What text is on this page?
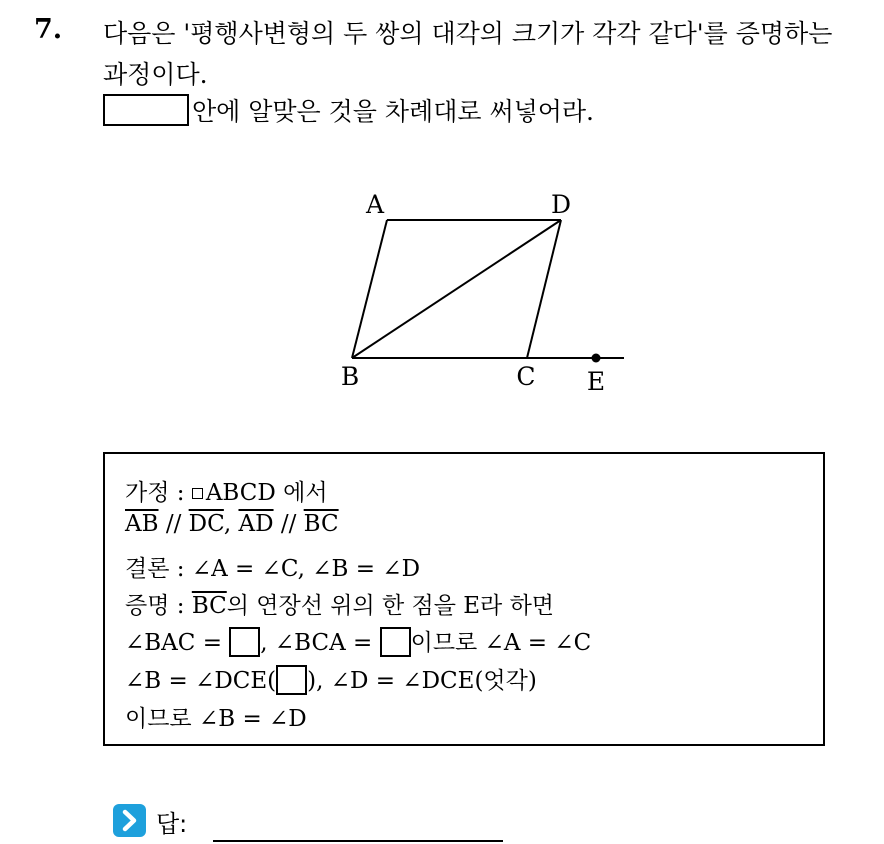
7. 다음은 '평행사변형의 두 쌍의 대각의 크기가 각각 같다'를 증명하는
과정이다.
안에 알맞은 것을 차례대로 써넣어라.
A	D
B	C E
가정 : ABCD 에서
$\overline{AB} // \overline{DC}$, $\overline{AD} // \overline{BC}$
결론 : ∠A = ∠C, ∠B = ∠D
증명 : $\overline{BC}$의 연장선 위의 한 점을 E라 하면
∠BAC = , ∠BCA = 이므로 ∠A = ∠C
∠B = ∠DCE( ), ∠D = ∠DCE(엇각)
이므로 ∠B = ∠D
답:
